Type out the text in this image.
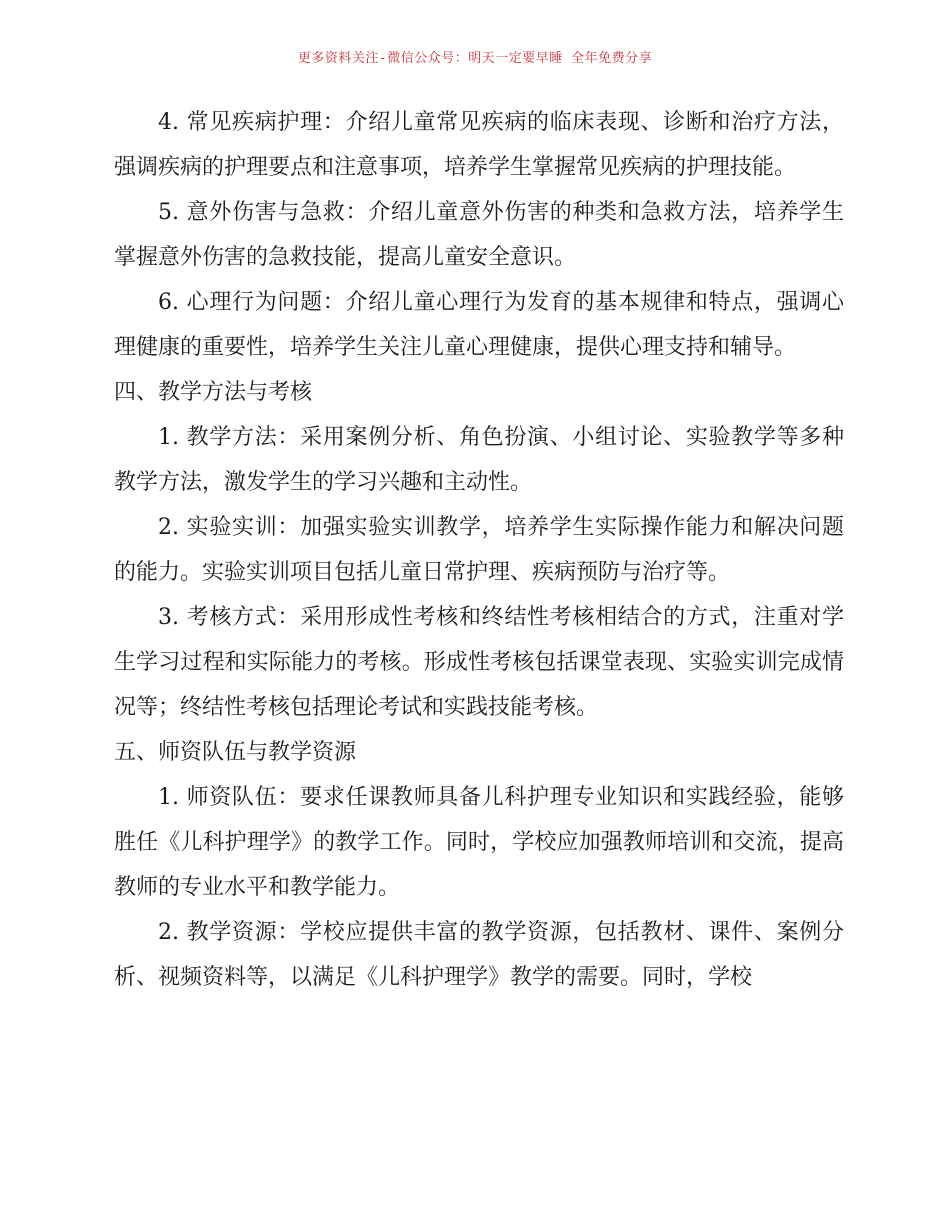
更多资料关注-微信公众号：明天一定要早睡 全年免费分享

4. 常见疾病护理：介绍儿童常见疾病的临床表现、诊断和治疗方法，强调疾病的护理要点和注意事项，培养学生掌握常见疾病的护理技能。

5. 意外伤害与急救：介绍儿童意外伤害的种类和急救方法，培养学生掌握意外伤害的急救技能，提高儿童安全意识。

6. 心理行为问题：介绍儿童心理行为发育的基本规律和特点，强调心理健康的重要性，培养学生关注儿童心理健康，提供心理支持和辅导。

四、教学方法与考核

1. 教学方法：采用案例分析、角色扮演、小组讨论、实验教学等多种教学方法，激发学生的学习兴趣和主动性。

2. 实验实训：加强实验实训教学，培养学生实际操作能力和解决问题的能力。实验实训项目包括儿童日常护理、疾病预防与治疗等。

3. 考核方式：采用形成性考核和终结性考核相结合的方式，注重对学生学习过程和实际能力的考核。形成性考核包括课堂表现、实验实训完成情况等；终结性考核包括理论考试和实践技能考核。

五、师资队伍与教学资源

1. 师资队伍：要求任课教师具备儿科护理专业知识和实践经验，能够胜任《儿科护理学》的教学工作。同时，学校应加强教师培训和交流，提高教师的专业水平和教学能力。

2. 教学资源：学校应提供丰富的教学资源，包括教材、课件、案例分析、视频资料等，以满足《儿科护理学》教学的需要。同时，学校
